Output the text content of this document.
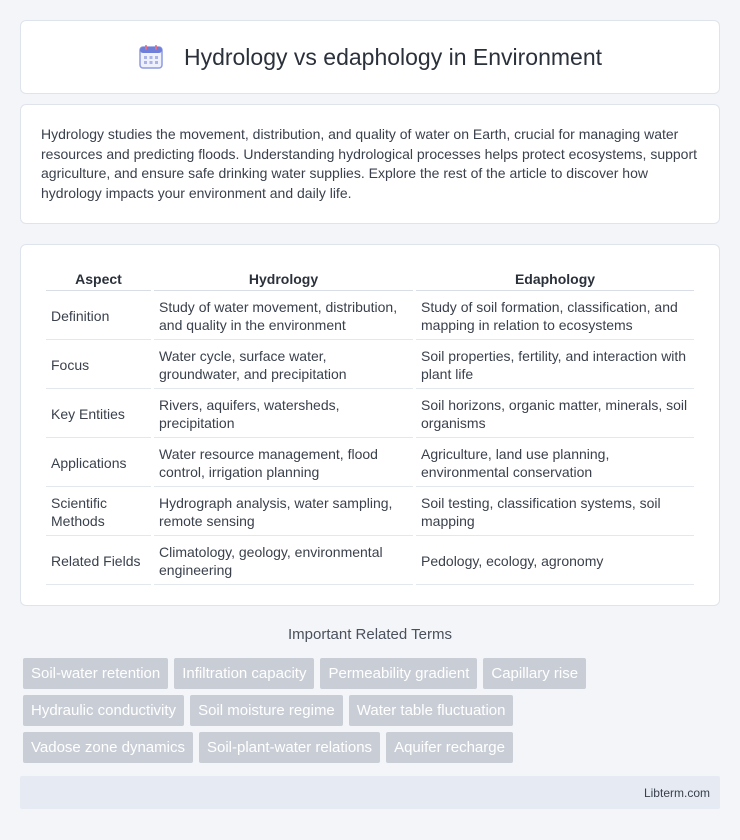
Hydrology vs edaphology in Environment

Hydrology studies the movement, distribution, and quality of water on Earth, crucial for managing water resources and predicting floods. Understanding hydrological processes helps protect ecosystems, support agriculture, and ensure safe drinking water supplies. Explore the rest of the article to discover how hydrology impacts your environment and daily life.

Aspect	Hydrology	Edaphology
Definition	Study of water movement, distribution, and quality in the environment	Study of soil formation, classification, and mapping in relation to ecosystems
Focus	Water cycle, surface water, groundwater, and precipitation	Soil properties, fertility, and interaction with plant life
Key Entities	Rivers, aquifers, watersheds, precipitation	Soil horizons, organic matter, minerals, soil organisms
Applications	Water resource management, flood control, irrigation planning	Agriculture, land use planning, environmental conservation
Scientific Methods	Hydrograph analysis, water sampling, remote sensing	Soil testing, classification systems, soil mapping
Related Fields	Climatology, geology, environmental engineering	Pedology, ecology, agronomy
Important Related Terms
Soil-water retention	Infiltration capacity	Permeability gradient	Capillary rise
Hydraulic conductivity	Soil moisture regime	Water table fluctuation
Vadose zone dynamics	Soil-plant-water relations	Aquifer recharge
Libterm.com
